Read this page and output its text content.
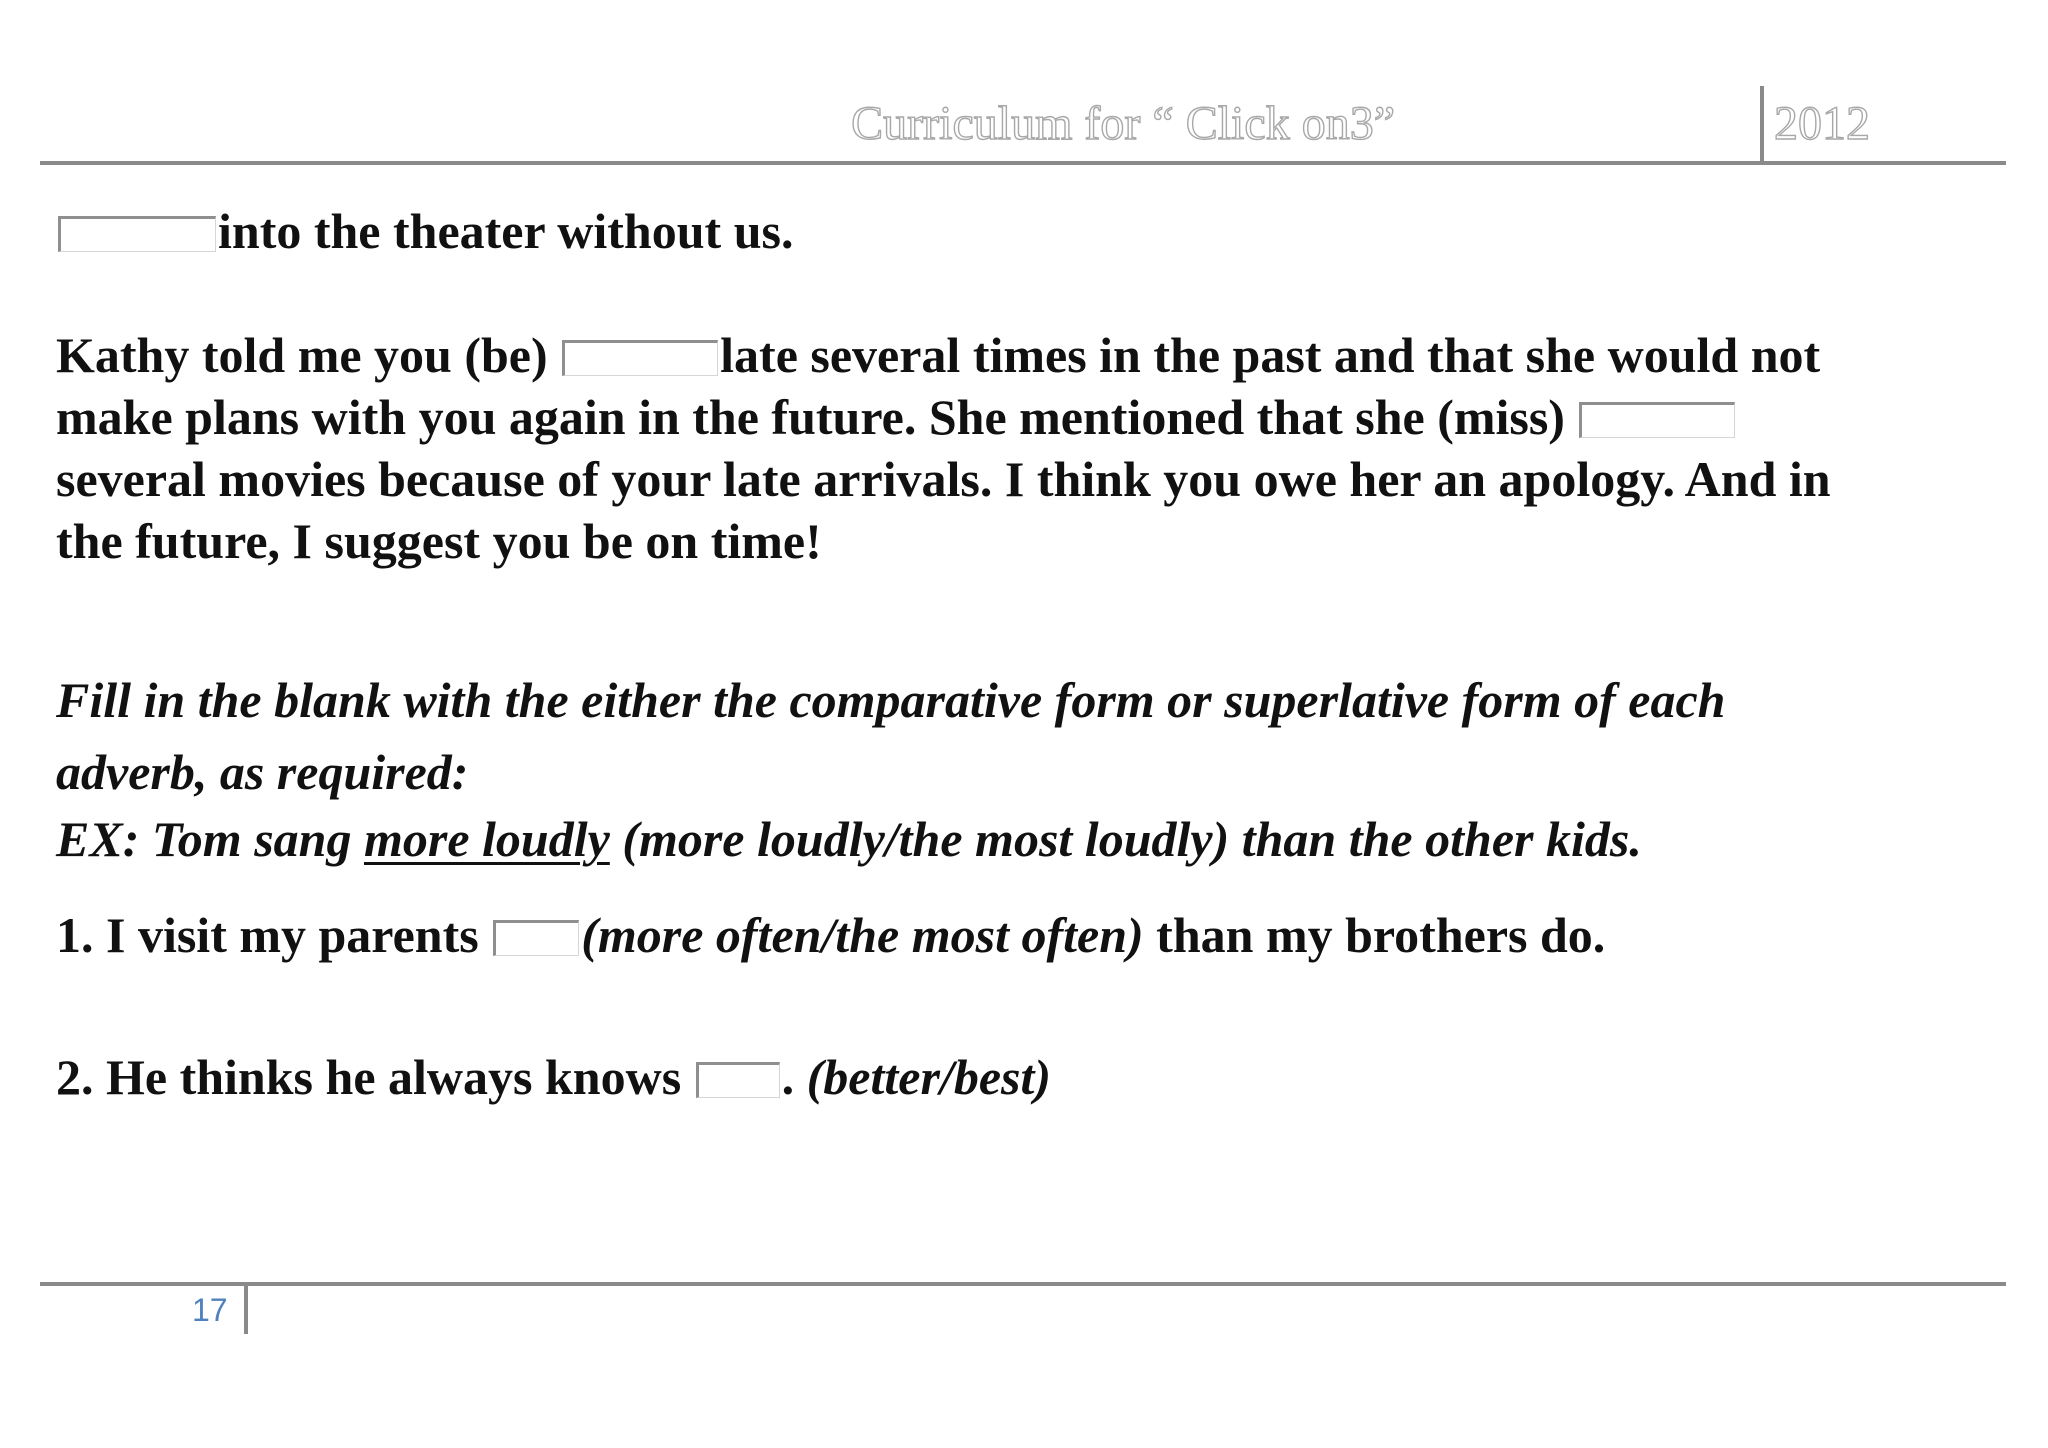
Curriculum for “ Click on3”	2012
into the theater without us.
Kathy told me you (be)	late several times in the past and that she would not
make plans with you again in the future. She mentioned that she (miss)
several movies because of your late arrivals. I think you owe her an apology. And in
the future, I suggest you be on time!
Fill in the blank with the either the comparative form or superlative form of each
adverb, as required:
EX: Tom sang more loudly (more loudly/the most loudly) than the other kids.
1. I visit my parents (more often/the most often) than my brothers do.
2. He thinks he always knows . (better/best)
17
